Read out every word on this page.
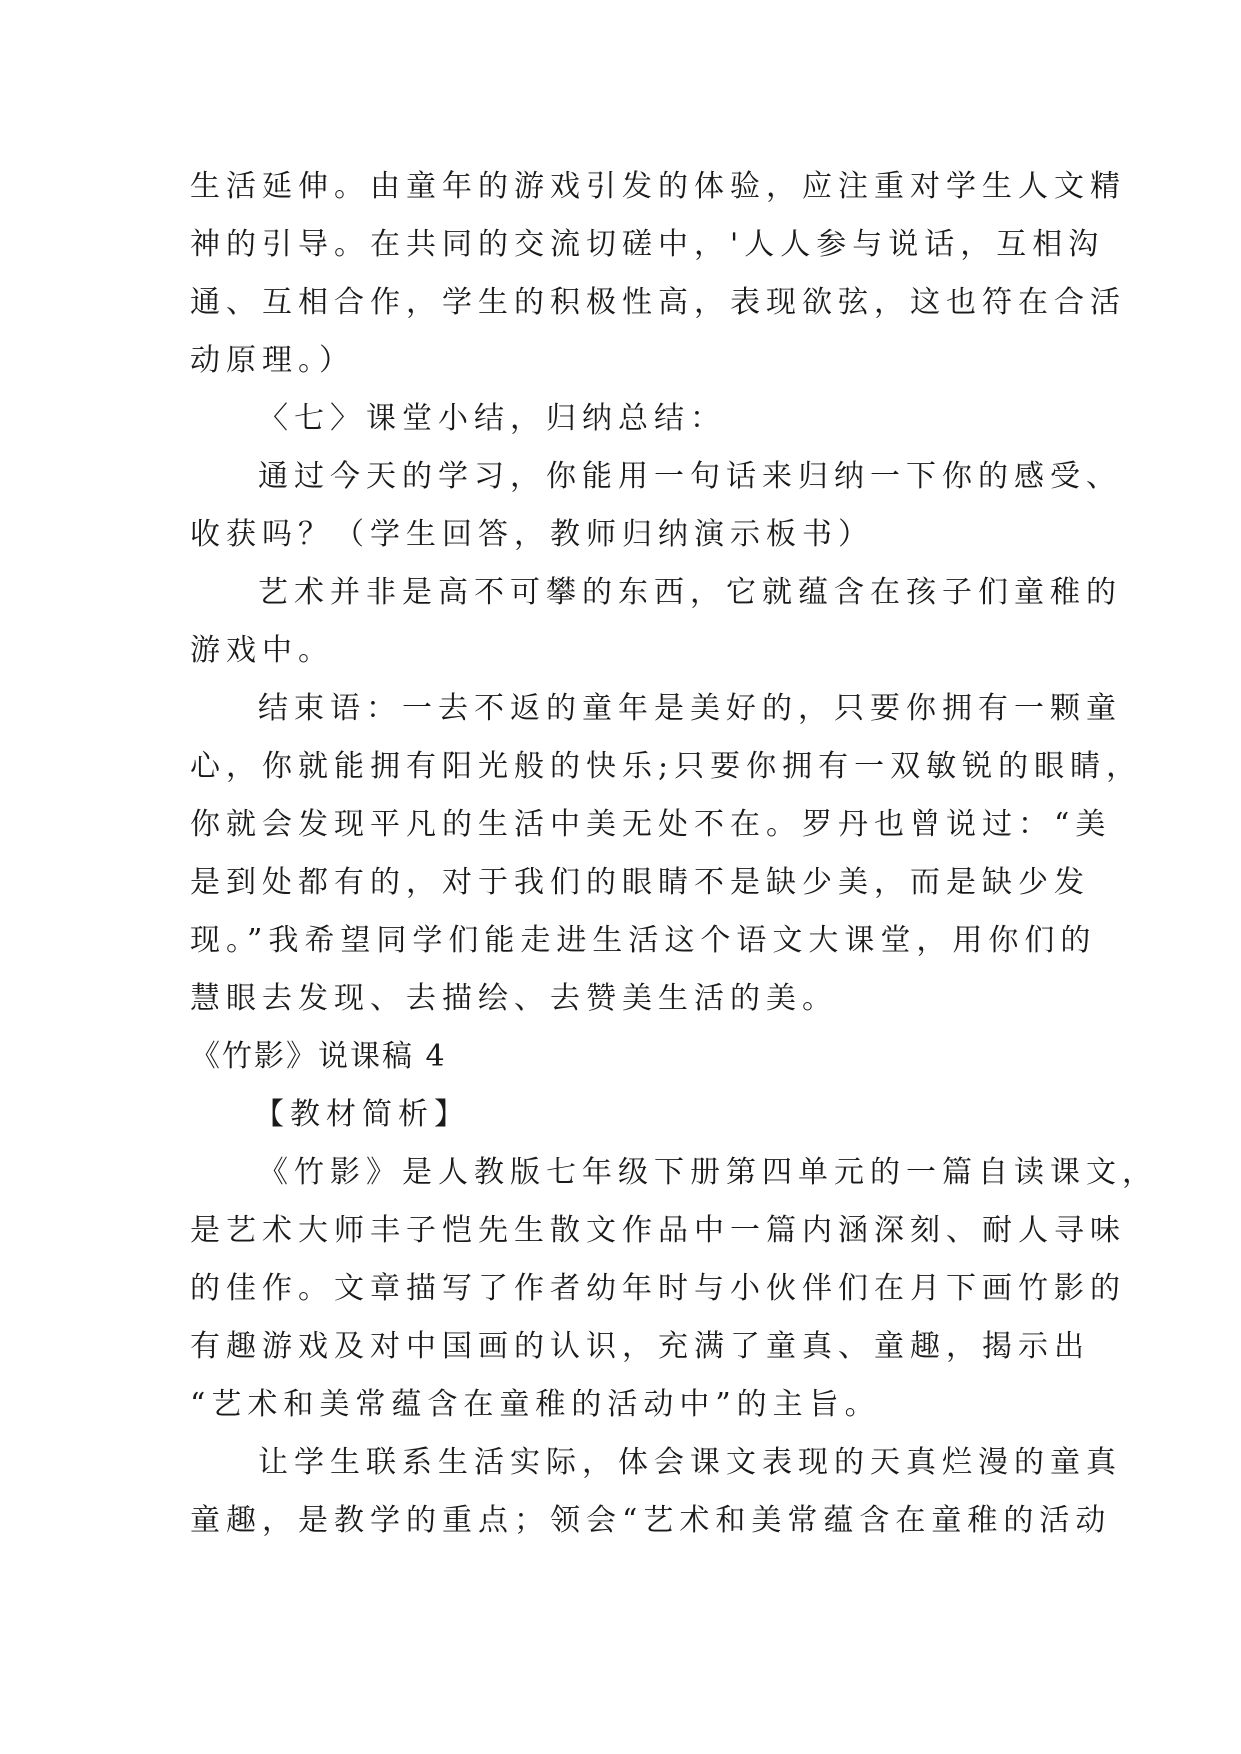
生活延伸。由童年的游戏引发的体验，应注重对学生人文精
神的引导。在共同的交流切磋中，'人人参与说话，互相沟
通、互相合作，学生的积极性高，表现欲弦，这也符在合活
动原理。）
〈七〉课堂小结，归纳总结：
通过今天的学习，你能用一句话来归纳一下你的感受、
收获吗？（学生回答，教师归纳演示板书）
艺术并非是高不可攀的东西，它就蕴含在孩子们童稚的
游戏中。
结束语：一去不返的童年是美好的，只要你拥有一颗童
心，你就能拥有阳光般的快乐;只要你拥有一双敏锐的眼睛，
你就会发现平凡的生活中美无处不在。罗丹也曾说过：“美
是到处都有的，对于我们的眼睛不是缺少美，而是缺少发
现。”我希望同学们能走进生活这个语文大课堂，用你们的
慧眼去发现、去描绘、去赞美生活的美。
《竹影》说课稿 4
【教材简析】
《竹影》是人教版七年级下册第四单元的一篇自读课文，
是艺术大师丰子恺先生散文作品中一篇内涵深刻、耐人寻味
的佳作。文章描写了作者幼年时与小伙伴们在月下画竹影的
有趣游戏及对中国画的认识，充满了童真、童趣，揭示出
“艺术和美常蕴含在童稚的活动中”的主旨。
让学生联系生活实际，体会课文表现的天真烂漫的童真
童趣，是教学的重点；领会“艺术和美常蕴含在童稚的活动
